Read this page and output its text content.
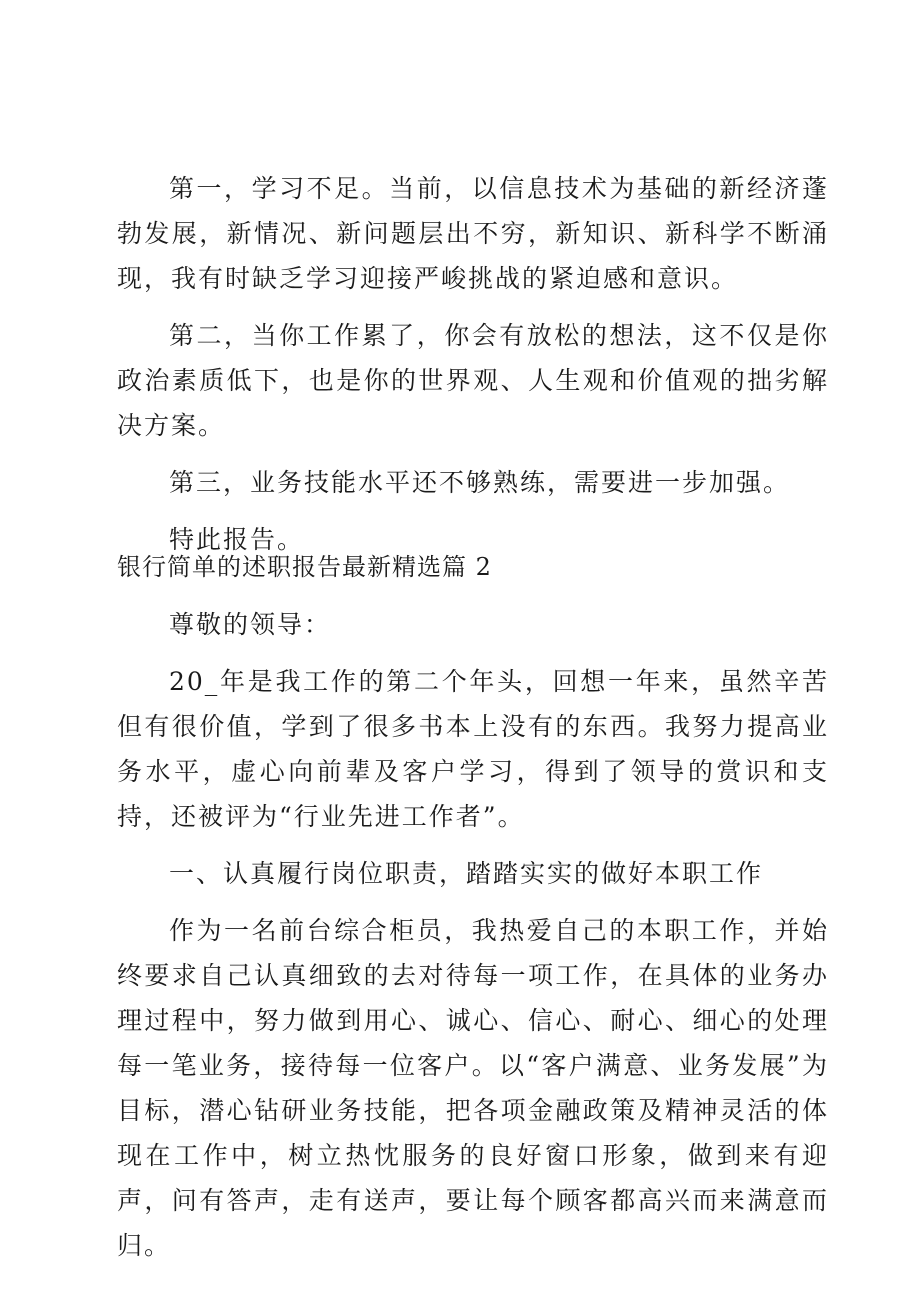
第一，学习不足。当前，以信息技术为基础的新经济蓬勃发展，新情况、新问题层出不穷，新知识、新科学不断涌现，我有时缺乏学习迎接严峻挑战的紧迫感和意识。

第二，当你工作累了，你会有放松的想法，这不仅是你政治素质低下，也是你的世界观、人生观和价值观的拙劣解决方案。

第三，业务技能水平还不够熟练，需要进一步加强。

特此报告。

银行简单的述职报告最新精选篇 2

尊敬的领导：

20_年是我工作的第二个年头，回想一年来，虽然辛苦但有很价值，学到了很多书本上没有的东西。我努力提高业务水平，虚心向前辈及客户学习，得到了领导的赏识和支持，还被评为“行业先进工作者”。

一、认真履行岗位职责，踏踏实实的做好本职工作

作为一名前台综合柜员，我热爱自己的本职工作，并始终要求自己认真细致的去对待每一项工作，在具体的业务办理过程中，努力做到用心、诚心、信心、耐心、细心的处理每一笔业务，接待每一位客户。以“客户满意、业务发展”为目标，潜心钻研业务技能，把各项金融政策及精神灵活的体现在工作中，树立热忱服务的良好窗口形象，做到来有迎声，问有答声，走有送声，要让每个顾客都高兴而来满意而归。
